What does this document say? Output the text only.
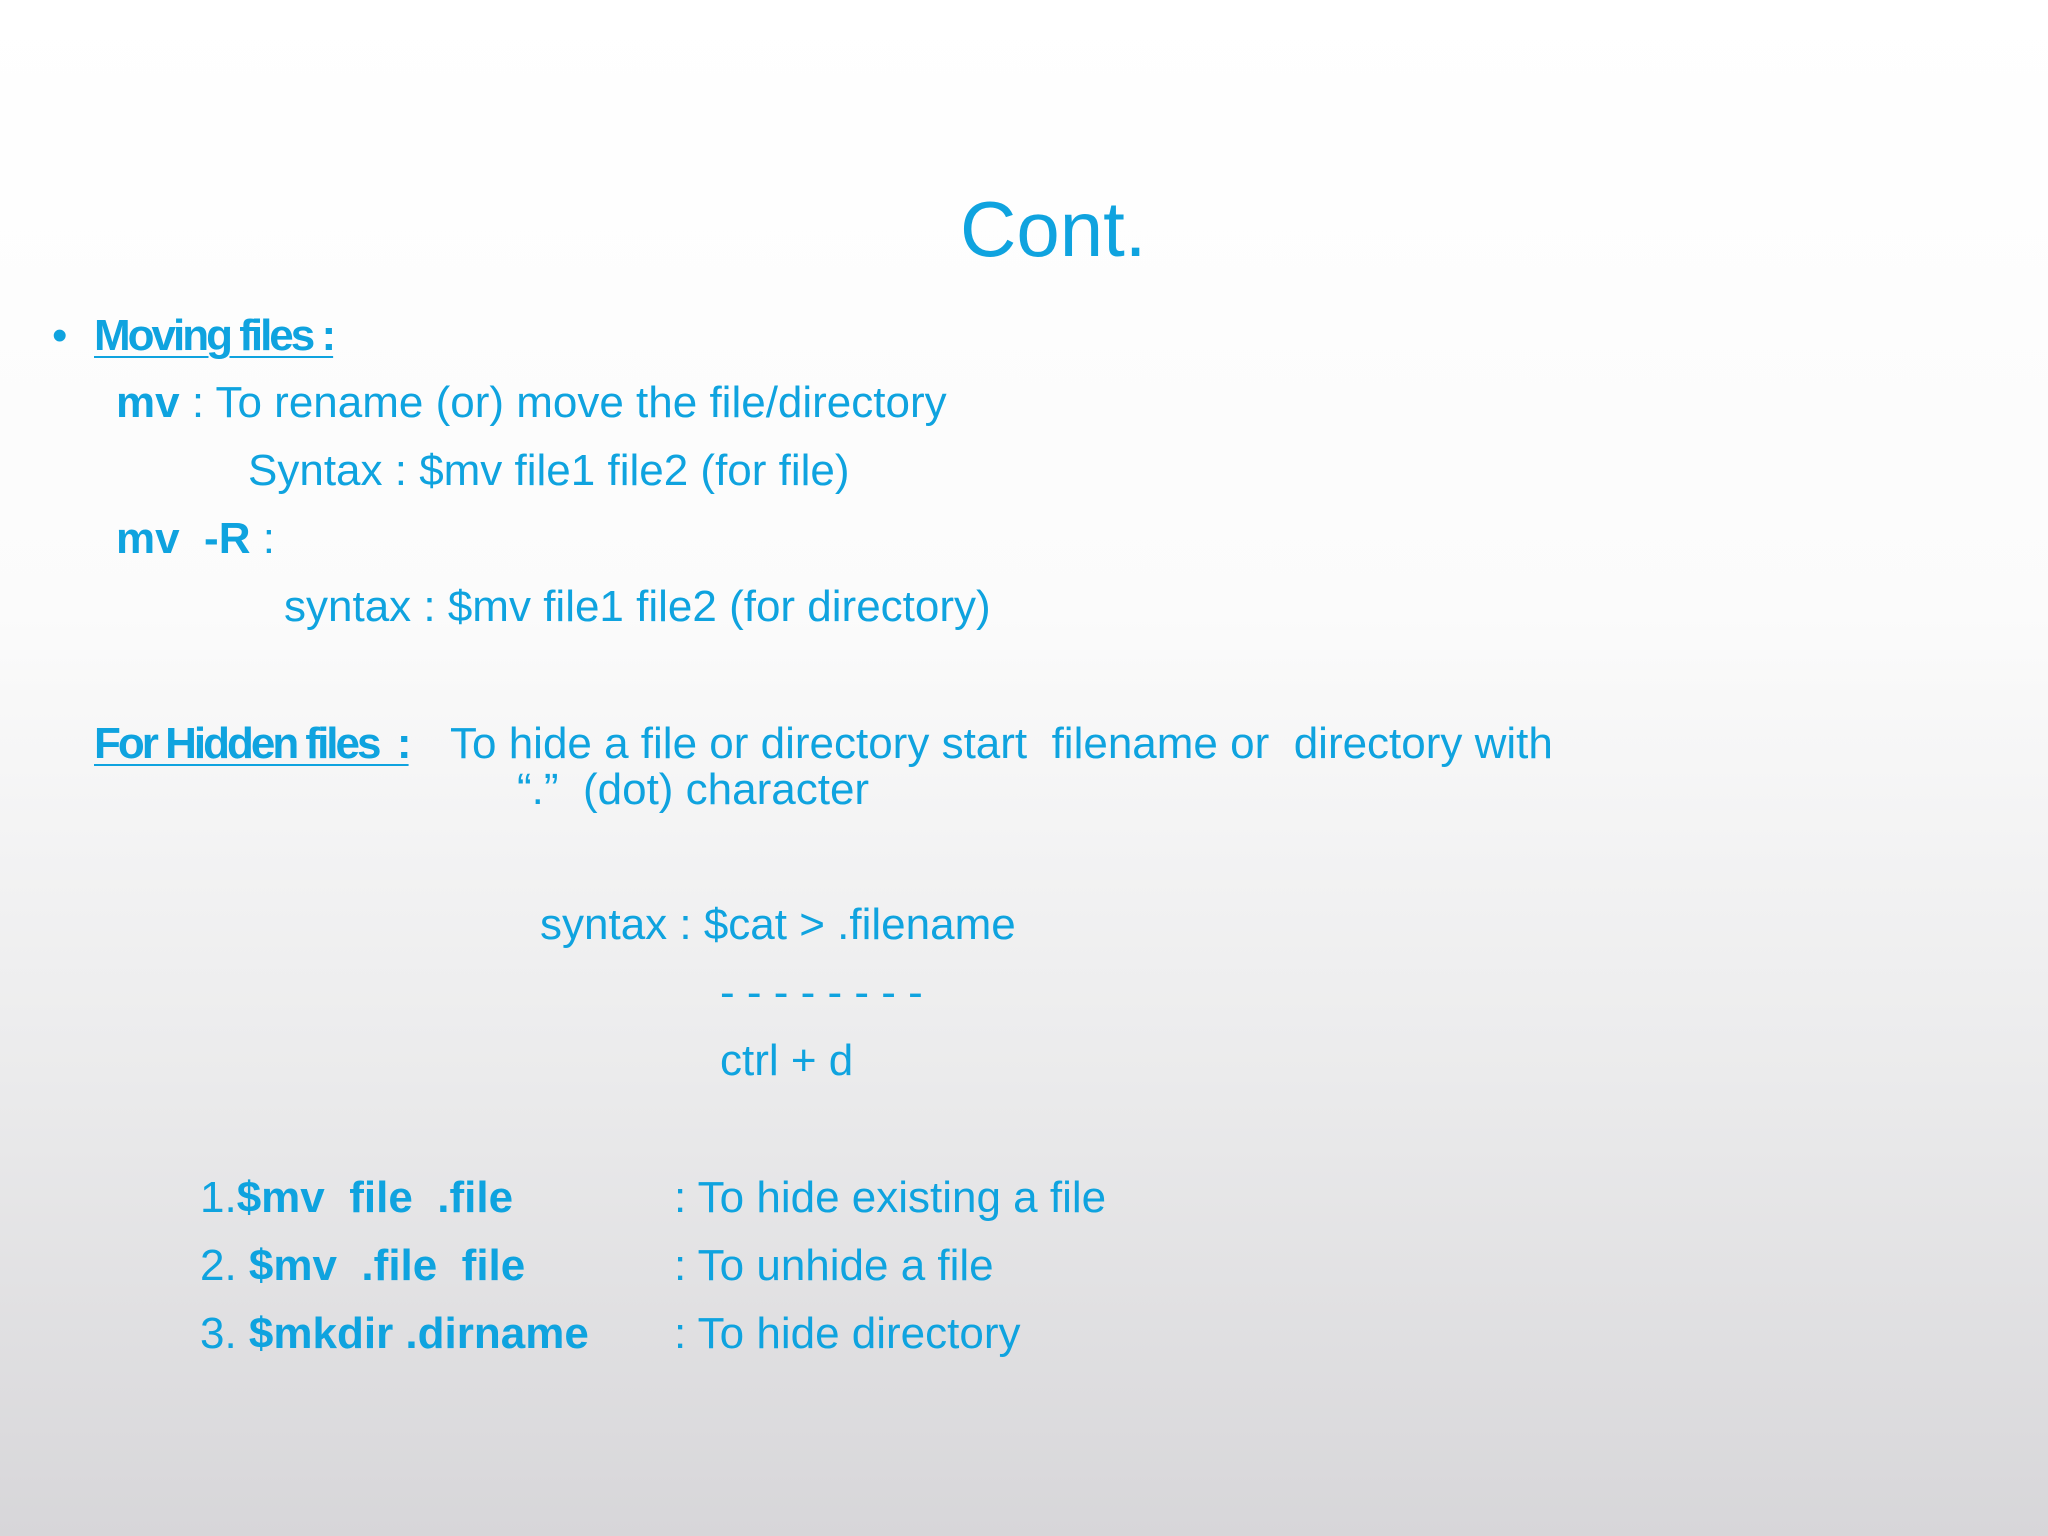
Cont.
• Moving files :
mv : To rename (or) move the file/directory
Syntax : $mv file1 file2 (for file)
mv  -R :
syntax : $mv file1 file2 (for directory)
For Hidden files  : To hide a file or directory start  filename or  directory with
“.”  (dot) character
syntax : $cat > .filename
- - - - - - - -
ctrl + d
1.$mv  file  .file	: To hide existing a file
2. $mv  .file  file	: To unhide a file
3. $mkdir .dirname : To hide directory
